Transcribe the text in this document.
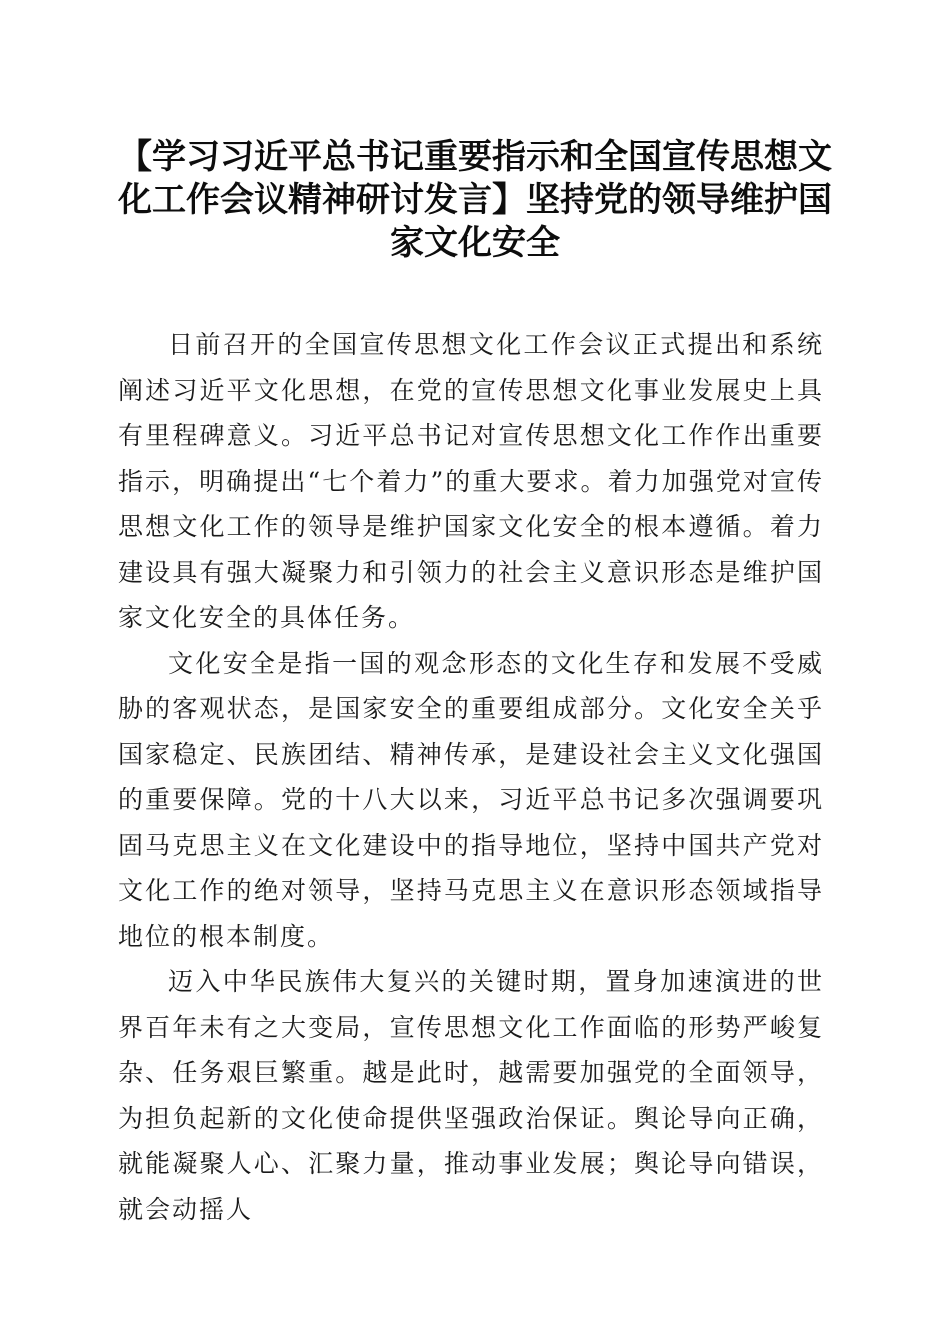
【学习习近平总书记重要指示和全国宣传思想文化工作会议精神研讨发言】坚持党的领导维护国家文化安全

日前召开的全国宣传思想文化工作会议正式提出和系统阐述习近平文化思想，在党的宣传思想文化事业发展史上具有里程碑意义。习近平总书记对宣传思想文化工作作出重要指示，明确提出“七个着力”的重大要求。着力加强党对宣传思想文化工作的领导是维护国家文化安全的根本遵循。着力建设具有强大凝聚力和引领力的社会主义意识形态是维护国家文化安全的具体任务。

文化安全是指一国的观念形态的文化生存和发展不受威胁的客观状态，是国家安全的重要组成部分。文化安全关乎国家稳定、民族团结、精神传承，是建设社会主义文化强国的重要保障。党的十八大以来，习近平总书记多次强调要巩固马克思主义在文化建设中的指导地位，坚持中国共产党对文化工作的绝对领导，坚持马克思主义在意识形态领域指导地位的根本制度。

迈入中华民族伟大复兴的关键时期，置身加速演进的世界百年未有之大变局，宣传思想文化工作面临的形势严峻复杂、任务艰巨繁重。越是此时，越需要加强党的全面领导，为担负起新的文化使命提供坚强政治保证。舆论导向正确，就能凝聚人心、汇聚力量，推动事业发展；舆论导向错误，就会动摇人
